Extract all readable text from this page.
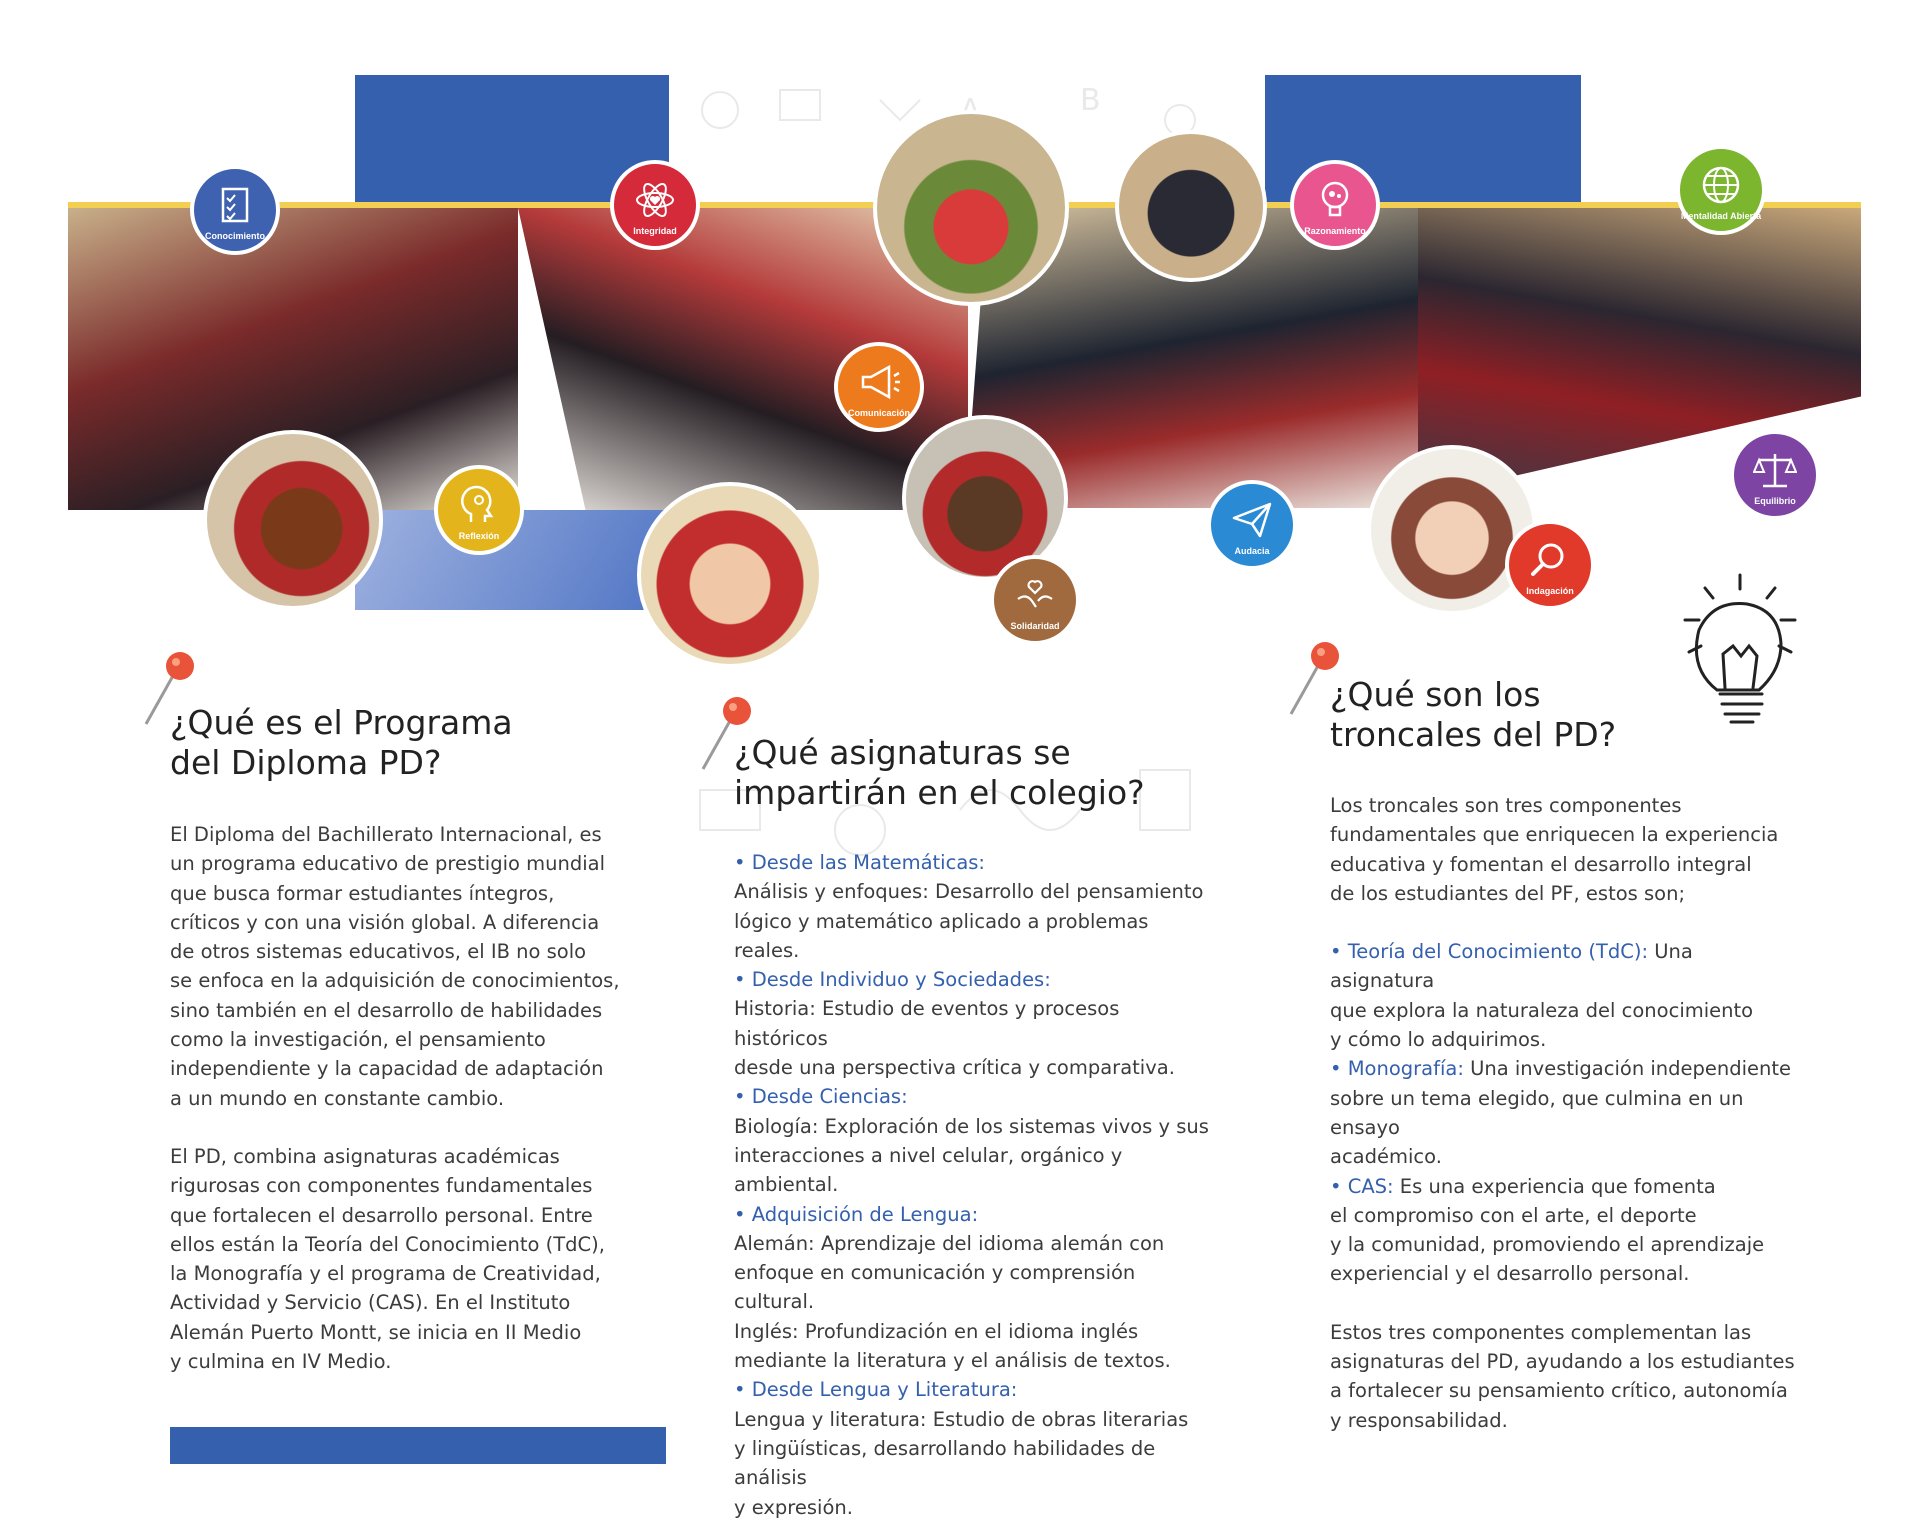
B
Conocimiento	Integridad
Comunicación
Razonamiento
Mentalidad Abierta
Reflexión
Audacia
Solidaridad
Indagación
Equilibrio
¿Qué es el Programa
del Diploma PD?

El Diploma del Bachillerato Internacional, es

un programa educativo de prestigio mundial

que busca formar estudiantes íntegros,

críticos y con una visión global. A diferencia

de otros sistemas educativos, el IB no solo

se enfoca en la adquisición de conocimientos,

sino también en el desarrollo de habilidades

como la investigación, el pensamiento

independiente y la capacidad de adaptación

a un mundo en constante cambio.

El PD, combina asignaturas académicas

rigurosas con componentes fundamentales

que fortalecen el desarrollo personal. Entre

ellos están la Teoría del Conocimiento (TdC),

la Monografía y el programa de Creatividad,

Actividad y Servicio (CAS). En el Instituto

Alemán Puerto Montt, se inicia en II Medio

y culmina en IV Medio.

¿Qué asignaturas se
impartirán en el colegio?

• Desde las Matemáticas:

Análisis y enfoques: Desarrollo del pensamiento

lógico y matemático aplicado a problemas reales.

• Desde Individuo y Sociedades:

Historia: Estudio de eventos y procesos históricos

desde una perspectiva crítica y comparativa.

• Desde Ciencias:

Biología: Exploración de los sistemas vivos y sus

interacciones a nivel celular, orgánico y ambiental.

• Adquisición de Lengua:

Alemán: Aprendizaje del idioma alemán con

enfoque en comunicación y comprensión cultural.

Inglés: Profundización en el idioma inglés

mediante la literatura y el análisis de textos.

• Desde Lengua y Literatura:

Lengua y literatura: Estudio de obras literarias

y lingüísticas, desarrollando habilidades de análisis

y expresión.

¿Qué son los
troncales del PD?

Los troncales son tres componentes

fundamentales que enriquecen la experiencia

educativa y fomentan el desarrollo integral

de los estudiantes del PF, estos son;

• Teoría del Conocimiento (TdC): Una asignatura

que explora la naturaleza del conocimiento

y cómo lo adquirimos.

• Monografía: Una investigación independiente

sobre un tema elegido, que culmina en un ensayo

académico.

• CAS: Es una experiencia que fomenta

el compromiso con el arte, el deporte

y la comunidad, promoviendo el aprendizaje

experiencial y el desarrollo personal.

Estos tres componentes complementan las

asignaturas del PD, ayudando a los estudiantes

a fortalecer su pensamiento crítico, autonomía

y responsabilidad.
